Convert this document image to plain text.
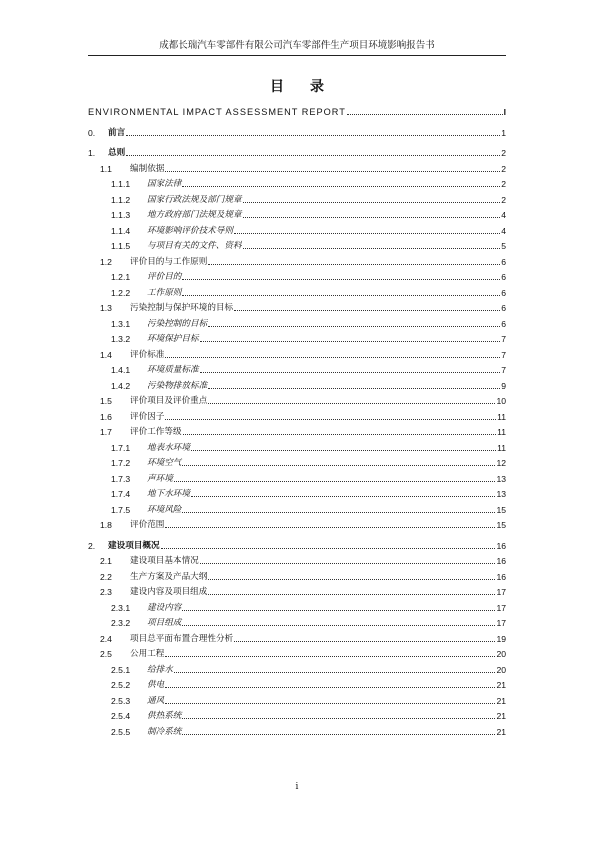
成都长瑞汽车零部件有限公司汽车零部件生产项目环境影响报告书
目录
ENVIRONMENTAL IMPACT ASSESSMENT REPORT	I
0.	前言	1
1.	总则	2
1.1	编制依据	2
1.1.1	国家法律	2
1.1.2	国家行政法规及部门规章	2
1.1.3	地方政府部门法规及规章	4
1.1.4	环境影响评价技术导则	4
1.1.5	与项目有关的文件、资料	5
1.2	评价目的与工作原则	6
1.2.1	评价目的	6
1.2.2	工作原则	6
1.3	污染控制与保护环境的目标	6
1.3.1	污染控制的目标	6
1.3.2	环境保护目标	7
1.4	评价标准	7
1.4.1	环境质量标准	7
1.4.2	污染物排放标准	9
1.5	评价项目及评价重点	10
1.6	评价因子	11
1.7	评价工作等级	11
1.7.1	地表水环境	11
1.7.2	环境空气	12
1.7.3	声环境	13
1.7.4	地下水环境	13
1.7.5	环境风险	15
1.8	评价范围	15
2.	建设项目概况	16
2.1	建设项目基本情况	16
2.2	生产方案及产品大纲	16
2.3	建设内容及项目组成	17
2.3.1	建设内容	17
2.3.2	项目组成	17
2.4	项目总平面布置合理性分析	19
2.5	公用工程	20
2.5.1	给排水	20
2.5.2	供电	21
2.5.3	通风	21
2.5.4	供热系统	21
2.5.5	制冷系统	21
i
